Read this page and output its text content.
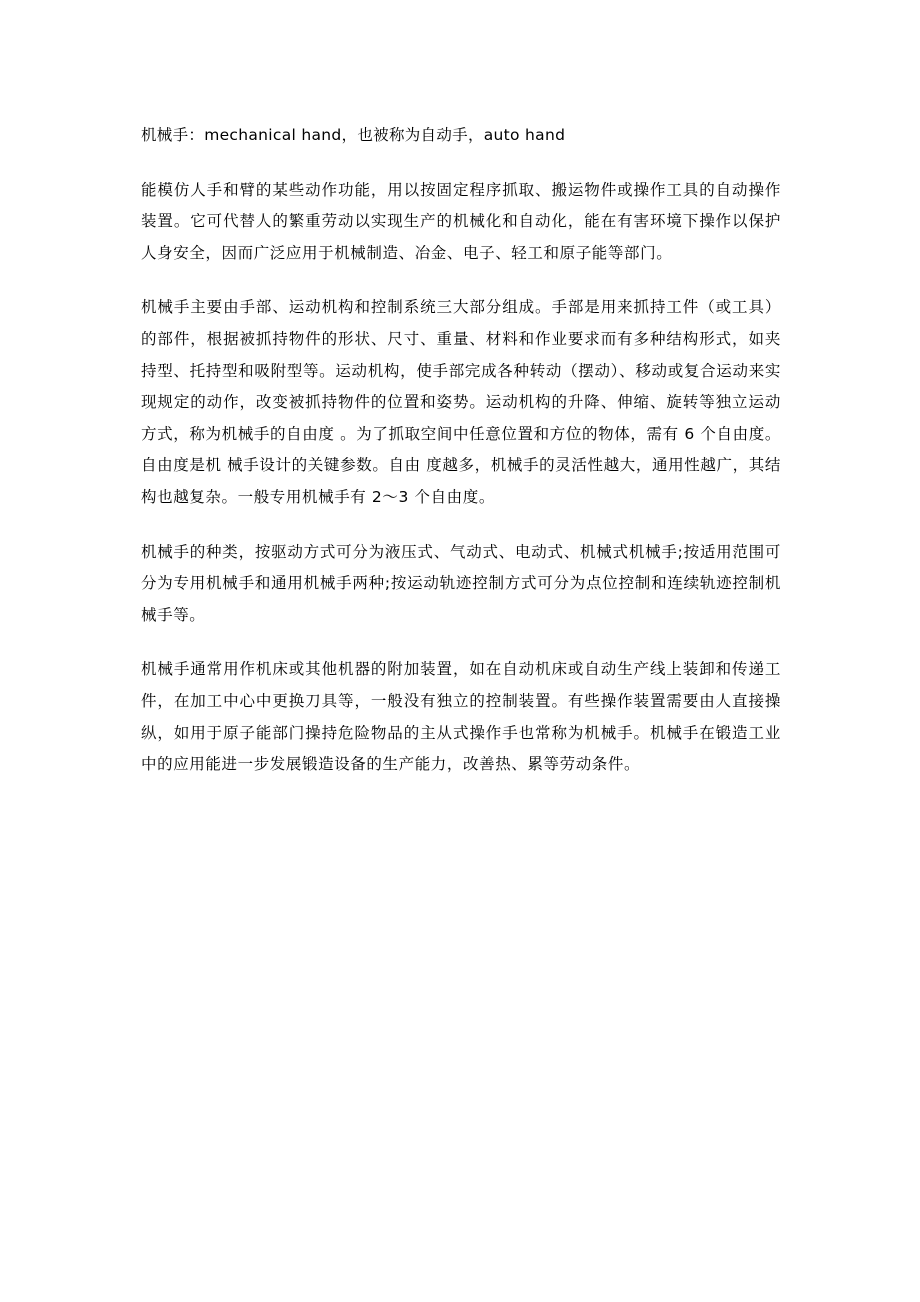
机械手：mechanical hand，也被称为自动手，auto hand

能模仿人手和臂的某些动作功能，用以按固定程序抓取、搬运物件或操作工具的自动操作装置。它可代替人的繁重劳动以实现生产的机械化和自动化，能在有害环境下操作以保护人身安全，因而广泛应用于机械制造、冶金、电子、轻工和原子能等部门。

机械手主要由手部、运动机构和控制系统三大部分组成。手部是用来抓持工件（或工具）的部件，根据被抓持物件的形状、尺寸、重量、材料和作业要求而有多种结构形式，如夹持型、托持型和吸附型等。运动机构，使手部完成各种转动（摆动）、移动或复合运动来实现规定的动作，改变被抓持物件的位置和姿势。运动机构的升降、伸缩、旋转等独立运动方式，称为机械手的自由度 。为了抓取空间中任意位置和方位的物体，需有 6 个自由度。自由度是机 械手设计的关键参数。自由 度越多，机械手的灵活性越大，通用性越广，其结构也越复杂。一般专用机械手有 2～3 个自由度。

机械手的种类，按驱动方式可分为液压式、气动式、电动式、机械式机械手;按适用范围可分为专用机械手和通用机械手两种;按运动轨迹控制方式可分为点位控制和连续轨迹控制机械手等。

机械手通常用作机床或其他机器的附加装置，如在自动机床或自动生产线上装卸和传递工件，在加工中心中更换刀具等，一般没有独立的控制装置。有些操作装置需要由人直接操纵，如用于原子能部门操持危险物品的主从式操作手也常称为机械手。机械手在锻造工业中的应用能进一步发展锻造设备的生产能力，改善热、累等劳动条件。
